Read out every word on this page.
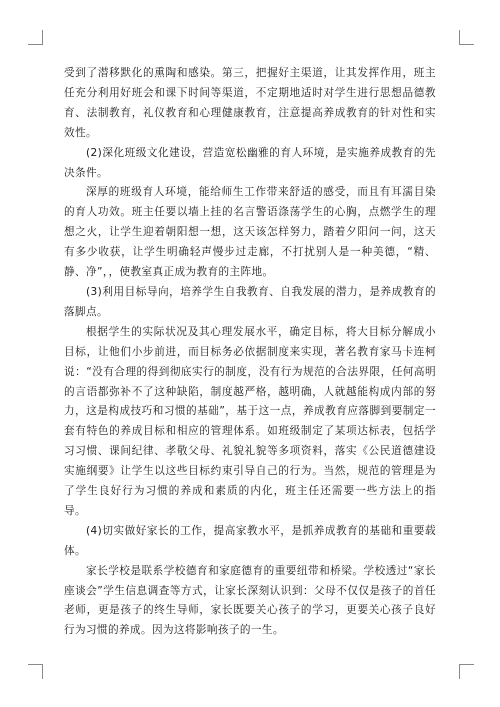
受到了潜移默化的熏陶和感染。第三，把握好主渠道，让其发挥作用，班主任充分利用好班会和课下时间等渠道，不定期地适时对学生进行思想品德教育、法制教育，礼仪教育和心理健康教育，注意提高养成教育的针对性和实效性。

(2)深化班级文化建设，营造宽松幽雅的育人环境，是实施养成教育的先决条件。

深厚的班级育人环境，能给师生工作带来舒适的感受，而且有耳濡目染的育人功效。班主任要以墙上挂的名言警语涤荡学生的心胸，点燃学生的理想之火，让学生迎着朝阳想一想，这天该怎样努力，踏着夕阳问一问，这天有多少收获，让学生明确轻声慢步过走廊，不打扰别人是一种美德，“精、静、净”，，使教室真正成为教育的主阵地。

(3)利用目标导向，培养学生自我教育、自我发展的潜力，是养成教育的落脚点。

根据学生的实际状况及其心理发展水平，确定目标，将大目标分解成小目标，让他们小步前进，而目标务必依据制度来实现，著名教育家马卡连柯说：“没有合理的得到彻底实行的制度，没有行为规范的合法界限，任何高明的言语都弥补不了这种缺陷，制度越严格，越明确，人就越能构成内部的努力，这是构成技巧和习惯的基础”，基于这一点，养成教育应落脚到要制定一套有特色的养成目标和相应的管理体系。如班级制定了某项达标表，包括学习习惯、课间纪律、孝敬父母、礼貌礼貌等多项资料，落实《公民道德建设实施纲要》让学生以这些目标约束引导自己的行为。当然，规范的管理是为了学生良好行为习惯的养成和素质的内化，班主任还需要一些方法上的指导。

(4)切实做好家长的工作，提高家教水平，是抓养成教育的基础和重要载体。

家长学校是联系学校德育和家庭德育的重要纽带和桥梁。学校透过“家长座谈会”学生信息调查等方式，让家长深刻认识到：父母不仅仅是孩子的首任老师，更是孩子的终生导师，家长既要关心孩子的学习，更要关心孩子良好行为习惯的养成。因为这将影响孩子的一生。
